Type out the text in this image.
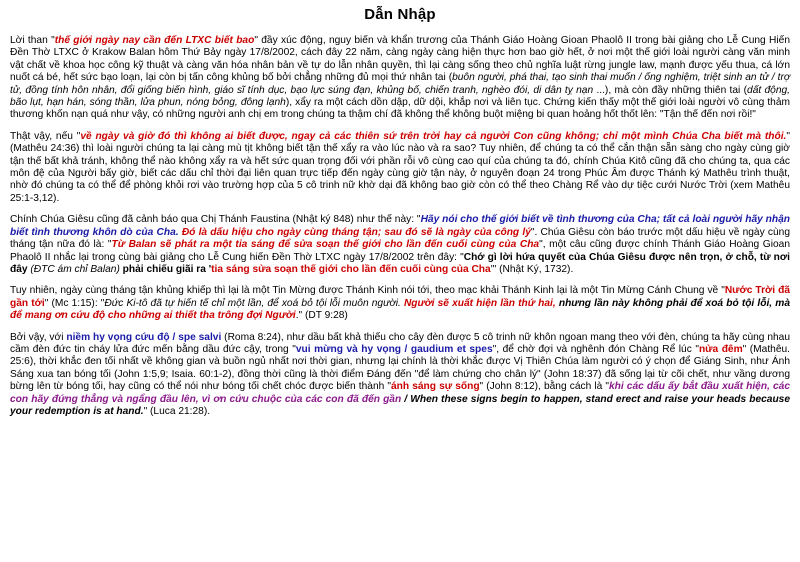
Dẫn Nhập

Lời than "thế giới ngày nay cần đến LTXC biết bao" đầy xúc động, nguy biến và khẩn trương của Thánh Giáo Hoàng Gioan Phaolô II trong bài giảng cho Lễ Cung Hiến Đền Thờ LTXC ở Krakow Balan hôm Thứ Bảy ngày 17/8/2002, cách đây 22 năm, càng ngày càng hiện thực hơn bao giờ hết, ở nơi một thế giới loài người càng văn minh vật chất về khoa học công kỹ thuật và càng văn hóa nhân bản về tự do lẫn nhân quyền, thì lại càng sống theo chủ nghĩa luật rừng jungle law, mạnh được yếu thua, cá lớn nuốt cá bé, hết sức bạo loạn, lại còn bị tấn công khủng bố bởi chẳng những đủ mọi thứ nhân tai (buôn người, phá thai, tạo sinh thai muốn / ống nghiệm, triệt sinh an tử / trợ tử, đồng tính hôn nhân, đổi giống biến hình, giáo sĩ tính dục, bạo lực súng đạn, khủng bố, chiến tranh, nghèo đói, di dân tỵ nạn ...), mà còn đầy những thiên tai (dất động, bão lụt, hạn hán, sóng thần, lửa phun, nóng bỏng, đông lạnh), xẩy ra một cách dồn dập, dữ dội, khắp nơi và liên tục. Chứng kiến thấy một thế giới loài người vô cùng thảm thương khốn nạn quá như vậy, có những người anh chị em trong chúng ta thậm chí đã không thể không buột miệng bi quan hoảng hốt thốt lên: "Tận thế đến nơi rồi!"

Thật vậy, nếu "về ngày và giờ đó thì không ai biết được, ngay cả các thiên sứ trên trời hay cả người Con cũng không; chỉ một mình Chúa Cha biết mà thôi." (Mathêu 24:36) thì loài người chúng ta lại càng mù tịt không biết tận thế xẩy ra vào lúc nào và ra sao? Tuy nhiên, để chúng ta có thể cắn thận sẵn sàng cho ngày cùng giờ tận thế bất khả tránh, không thể nào không xẩy ra và hết sức quan trọng đối với phần rỗi vô cùng cao quí của chúng ta đó, chính Chúa Kitô cũng đã cho chúng ta, qua các môn đệ của Người bấy giờ, biết các dấu chỉ thời đại liên quan trực tiếp đến ngày cùng giờ tận này, ở nguyên đoạn 24 trong Phúc Âm được Thánh ký Mathêu trình thuật, nhờ đó chúng ta có thể để phòng khỏi rơi vào trường hợp của 5 cô trinh nữ khờ dại đã không bao giờ còn có thể theo Chàng Rể vào dự tiệc cưới Nước Trời (xem Mathêu 25:1-3,12).

Chính Chúa Giêsu cũng đã cảnh báo qua Chị Thánh Faustina (Nhật ký 848) như thế này: "Hãy nói cho thế giới biết về tình thương của Cha; tất cả loài người hãy nhận biết tình thương khôn dò của Cha. Đó là dấu hiệu cho ngày cùng tháng tận; sau đó sẽ là ngày của công lý". Chúa Giêsu còn báo trước một dấu hiệu về ngày cùng tháng tận nữa đó là: "Từ Balan sẽ phát ra một tia sáng để sửa soạn thế giới cho lần đến cuối cùng của Cha", một câu cũng được chính Thánh Giáo Hoàng Gioan Phaolô II nhắc lại trong cùng bài giảng cho Lễ Cung hiến Đền Thờ LTXC ngày 17/8/2002 trên đây: "Chớ gì lời hứa quyết của Chúa Giêsu được nên trọn, ở chỗ, từ nơi đây (ĐTC ám chỉ Balan) phải chiếu giãi ra 'tia sáng sửa soạn thế giới cho lần đến cuối cùng của Cha'" (Nhật Ký, 1732).

Tuy nhiên, ngày cùng tháng tận khủng khiếp thì lại là một Tin Mừng được Thánh Kinh nói tới, theo mạc khải Thánh Kinh lại là một Tin Mừng Cánh Chung về "Nước Trời đã gần tới" (Mc 1:15): "Đức Ki-tô đã tự hiến tế chỉ một lần, để xoá bỏ tội lỗi muôn người. Người sẽ xuất hiện lần thứ hai, nhưng lần này không phải để xoá bỏ tội lỗi, mà để mang ơn cứu độ cho những ai thiết tha trông đợi Người." (DT 9:28)

Bởi vậy, với niềm hy vọng cứu độ / spe salvi (Roma 8:24), như dầu bất khả thiếu cho cây đèn được 5 cô trinh nữ khôn ngoan mang theo với đèn, chúng ta hãy cùng nhau cầm đèn đức tin cháy lửa đức mến bằng dầu đức cậy, trong "vui mừng và hy vọng / gaudium et spes", để chờ đợi và nghênh đón Chàng Rể lúc "nửa đêm" (Mathêu. 25:6), thời khắc đen tối nhất về không gian và buồn ngủ nhất nơi thời gian, nhưng lại chính là thời khắc được Vị Thiên Chúa làm người có ý chọn để Giáng Sinh, như Ánh Sáng xua tan bóng tối (John 1:5,9; Isaia. 60:1-2), đồng thời cũng là thời điểm Đáng đến "để làm chứng cho chân lý" (John 18:37) đã sống lại từ cõi chết, như vầng dương bừng lên từ bóng tối, hay cũng có thể nói như bóng tối chết chóc được biến thành "ánh sáng sự sống" (John 8:12), bằng cách là "khi các dấu ấy bắt đầu xuất hiện, các con hãy đứng thẳng và ngẩng đầu lên, vì ơn cứu chuộc của các con đã đến gần / When these signs begin to happen, stand erect and raise your heads because your redemption is at hand." (Luca 21:28).
